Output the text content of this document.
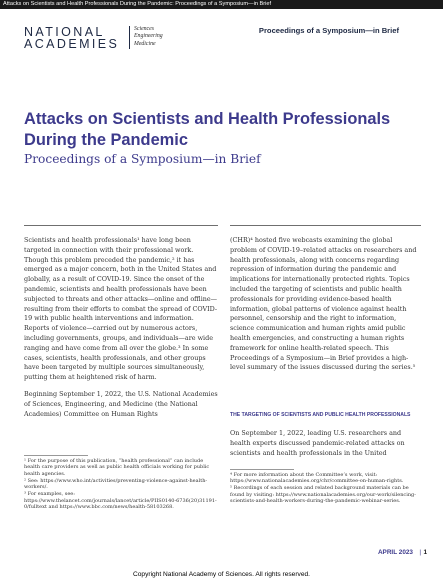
Attacks on Scientists and Health Professionals During the Pandemic: Proceedings of a Symposium—in Brief
NATIONAL
ACADEMIES
Sciences
Engineering
Medicine
Proceedings of a Symposium—in Brief
Attacks on Scientists and Health Professionals During the Pandemic
Proceedings of a Symposium—in Brief

Scientists and health professionals¹ have long been targeted in connection with their professional work. Though this problem preceded the pandemic,² it has emerged as a major concern, both in the United States and globally, as a result of COVID-19. Since the onset of the pandemic, scientists and health professionals have been subjected to threats and other attacks—online and offline—resulting from their efforts to combat the spread of COVID-19 with public health interventions and information. Reports of violence—carried out by numerous actors, including governments, groups, and individuals—are wide ranging and have come from all over the globe.³ In some cases, scientists, health professionals, and other groups have been targeted by multiple sources simultaneously, putting them at heightened risk of harm.

Beginning September 1, 2022, the U.S. National Academies of Sciences, Engineering, and Medicine (the National Academies) Committee on Human Rights

(CHR)⁴ hosted five webcasts examining the global problem of COVID-19–related attacks on researchers and health professionals, along with concerns regarding repression of information during the pandemic and implications for internationally protected rights. Topics included the targeting of scientists and public health professionals for providing evidence-based health information, global patterns of violence against health personnel, censorship and the right to information, science communication and human rights amid public health emergencies, and constructing a human rights framework for online health-related speech. This Proceedings of a Symposium—in Brief provides a high-level summary of the issues discussed during the series.⁵

THE TARGETING OF SCIENTISTS AND PUBLIC HEALTH PROFESSIONALS

On September 1, 2022, leading U.S. researchers and health experts discussed pandemic-related attacks on scientists and health professionals in the United

¹ For the purpose of this publication, “health professional” can include health care providers as well as public health officials working for public health agencies.
² See: https://www.who.int/activities/preventing-violence-against-health-workers/.
³ For examples, see: https://www.thelancet.com/journals/lancet/article/PIIS0140-6736(20)31191-0/fulltext and https://www.bbc.com/news/health-58103268.
⁴ For more information about the Committee’s work, visit: https://www.nationalacademies.org/chr/committee-on-human-rights.
⁵ Recordings of each session and related background materials can be found by visiting: https://www.nationalacademies.org/our-work/silencing-scientists-and-health-workers-during-the-pandemic-webinar-series.
APRIL 2023 | 1
Copyright National Academy of Sciences. All rights reserved.
